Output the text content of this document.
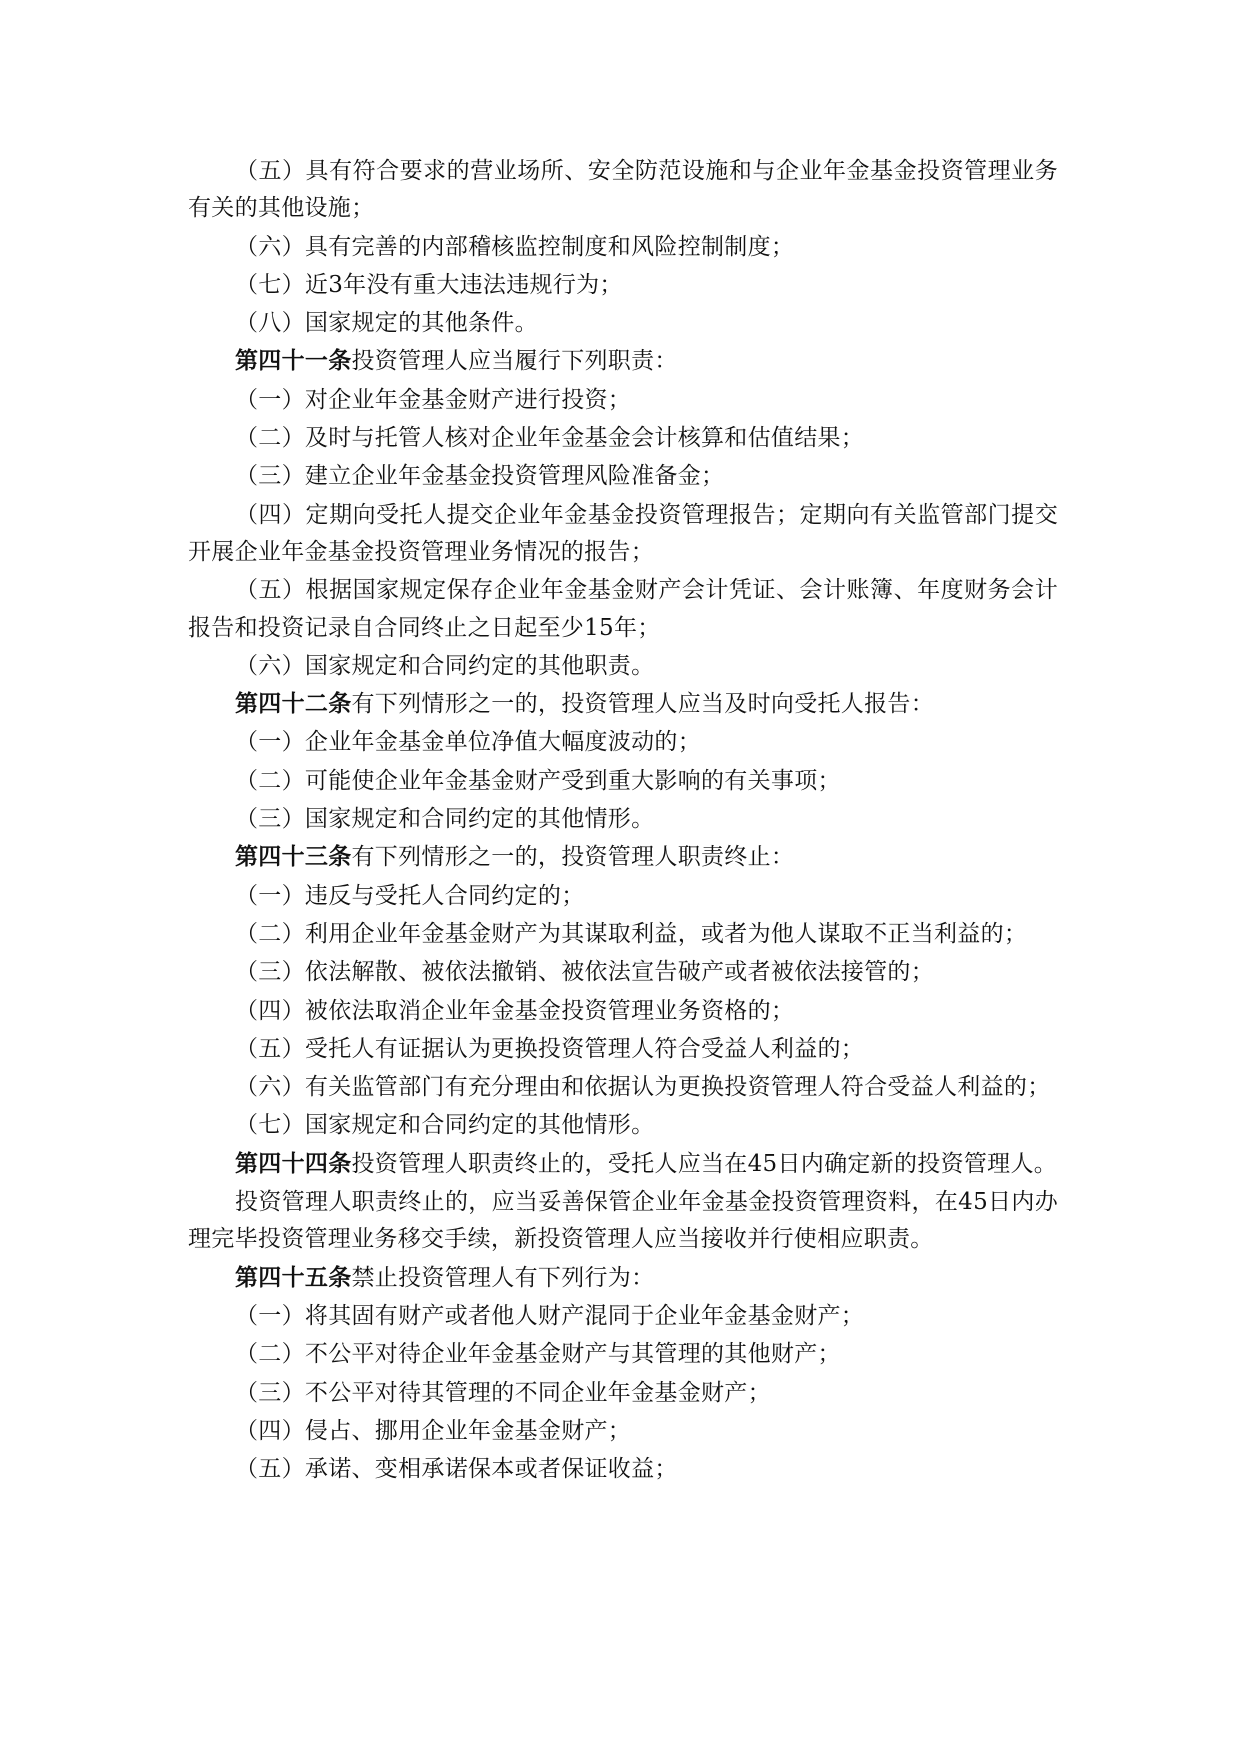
（五）具有符合要求的营业场所、安全防范设施和与企业年金基金投资管理业务有关的其他设施；

（六）具有完善的内部稽核监控制度和风险控制制度；

（七）近3年没有重大违法违规行为；

（八）国家规定的其他条件。

第四十一条投资管理人应当履行下列职责：

（一）对企业年金基金财产进行投资；

（二）及时与托管人核对企业年金基金会计核算和估值结果；

（三）建立企业年金基金投资管理风险准备金；

（四）定期向受托人提交企业年金基金投资管理报告；定期向有关监管部门提交开展企业年金基金投资管理业务情况的报告；

（五）根据国家规定保存企业年金基金财产会计凭证、会计账簿、年度财务会计报告和投资记录自合同终止之日起至少15年；

（六）国家规定和合同约定的其他职责。

第四十二条有下列情形之一的，投资管理人应当及时向受托人报告：

（一）企业年金基金单位净值大幅度波动的；

（二）可能使企业年金基金财产受到重大影响的有关事项；

（三）国家规定和合同约定的其他情形。

第四十三条有下列情形之一的，投资管理人职责终止：

（一）违反与受托人合同约定的；

（二）利用企业年金基金财产为其谋取利益，或者为他人谋取不正当利益的；

（三）依法解散、被依法撤销、被依法宣告破产或者被依法接管的；

（四）被依法取消企业年金基金投资管理业务资格的；

（五）受托人有证据认为更换投资管理人符合受益人利益的；

（六）有关监管部门有充分理由和依据认为更换投资管理人符合受益人利益的；

（七）国家规定和合同约定的其他情形。

第四十四条投资管理人职责终止的，受托人应当在45日内确定新的投资管理人。

投资管理人职责终止的，应当妥善保管企业年金基金投资管理资料，在45日内办理完毕投资管理业务移交手续，新投资管理人应当接收并行使相应职责。

第四十五条禁止投资管理人有下列行为：

（一）将其固有财产或者他人财产混同于企业年金基金财产；

（二）不公平对待企业年金基金财产与其管理的其他财产；

（三）不公平对待其管理的不同企业年金基金财产；

（四）侵占、挪用企业年金基金财产；

（五）承诺、变相承诺保本或者保证收益；
